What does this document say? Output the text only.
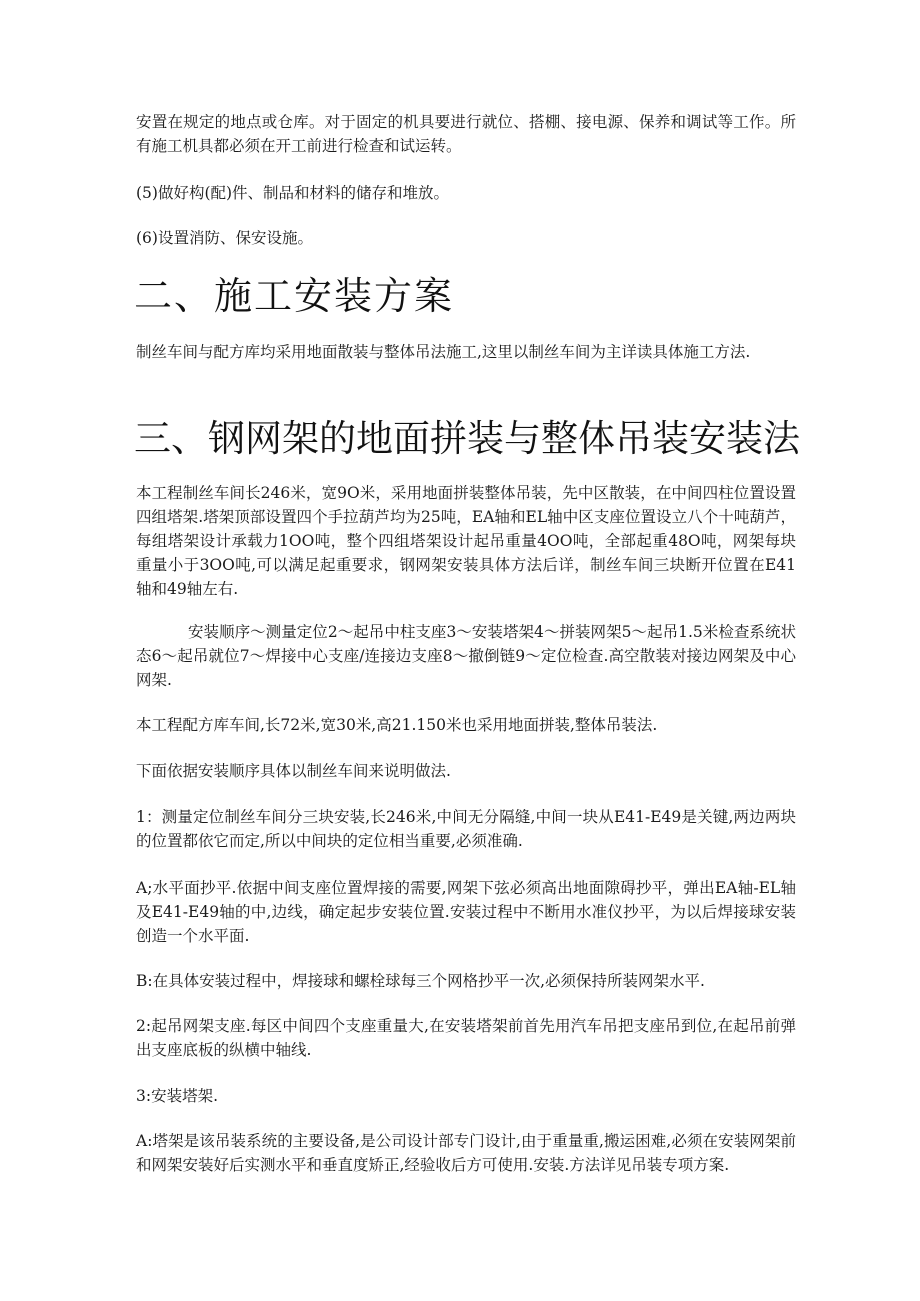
安置在规定的地点或仓库。对于固定的机具要进行就位、搭棚、接电源、保养和调试等工作。所有施工机具都必须在开工前进行检查和试运转。

(5)做好构(配)件、制品和材料的储存和堆放。

(6)设置消防、保安设施。

二、施工安装方案

制丝车间与配方库均采用地面散装与整体吊法施工,这里以制丝车间为主详读具体施工方法.

三、钢网架的地面拼装与整体吊装安装法

本工程制丝车间长246米，宽9O米，采用地面拼装整体吊装，先中区散装，在中间四柱位置设置四组塔架.塔架顶部设置四个手拉葫芦均为25吨，EA轴和EL轴中区支座位置设立八个十吨葫芦，每组塔架设计承载力1OO吨，整个四组塔架设计起吊重量4OO吨，全部起重48O吨，网架每块重量小于3OO吨,可以满足起重要求，钢网架安装具体方法后详，制丝车间三块断开位置在E41轴和49轴左右.

安装顺序～测量定位2～起吊中柱支座3～安装塔架4～拼装网架5～起吊1.5米检查系统状态6～起吊就位7～焊接中心支座/连接边支座8～撤倒链9～定位检查.高空散装对接边网架及中心网架.

本工程配方库车间,长72米,宽30米,高21.150米也采用地面拼装,整体吊装法.

下面依据安装顺序具体以制丝车间来说明做法.

1：测量定位制丝车间分三块安装,长246米,中间无分隔缝,中间一块从E41-E49是关键,两边两块的位置都依它而定,所以中间块的定位相当重要,必须准确.

A;水平面抄平.依据中间支座位置焊接的需要,网架下弦必须高出地面隙碍抄平，弹出EA轴-EL轴及E41-E49轴的中,边线，确定起步安装位置.安装过程中不断用水准仪抄平，为以后焊接球安装创造一个水平面.

B:在具体安装过程中，焊接球和螺栓球每三个网格抄平一次,必须保持所装网架水平.

2:起吊网架支座.每区中间四个支座重量大,在安装塔架前首先用汽车吊把支座吊到位,在起吊前弹出支座底板的纵横中轴线.

3:安装塔架.

A:塔架是该吊装系统的主要设备,是公司设计部专门设计,由于重量重,搬运困难,必须在安装网架前和网架安装好后实测水平和垂直度矫正,经验收后方可使用.安装.方法详见吊装专项方案.
